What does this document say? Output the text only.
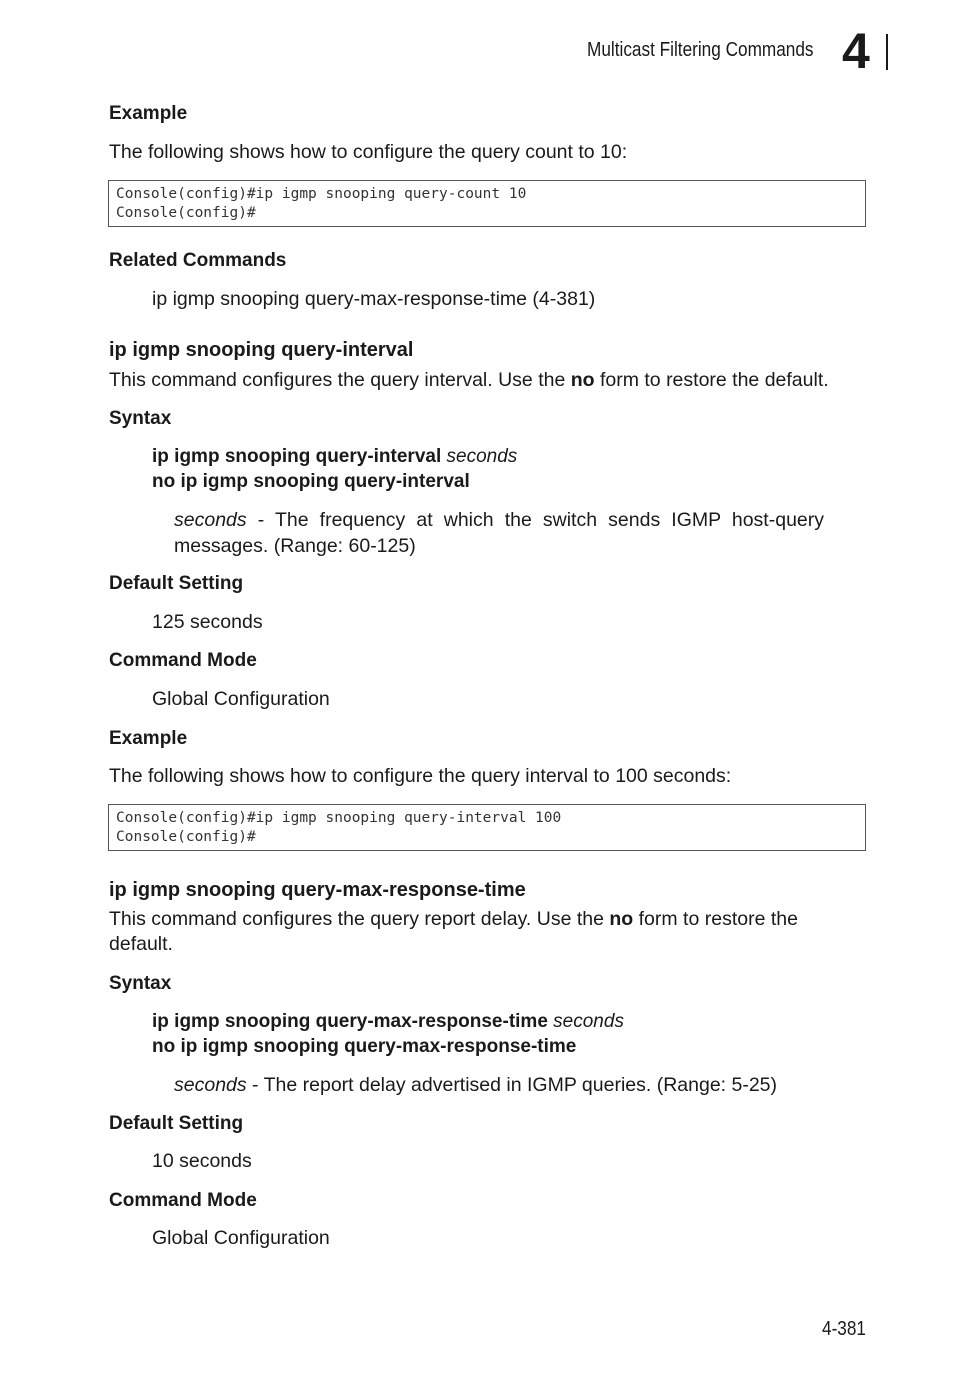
Multicast Filtering Commands 4
Example
The following shows how to configure the query count to 10:
Console(config)#ip igmp snooping query-count 10
Console(config)#
Related Commands
ip igmp snooping query-max-response-time (4-381)
ip igmp snooping query-interval
This command configures the query interval. Use the no form to restore the default.
Syntax
ip igmp snooping query-interval seconds
no ip igmp snooping query-interval
seconds - The frequency at which the switch sends IGMP host-query messages. (Range: 60-125)
Default Setting
125 seconds
Command Mode
Global Configuration
Example
The following shows how to configure the query interval to 100 seconds:
Console(config)#ip igmp snooping query-interval 100
Console(config)#
ip igmp snooping query-max-response-time
This command configures the query report delay. Use the no form to restore the
default.
Syntax
ip igmp snooping query-max-response-time seconds
no ip igmp snooping query-max-response-time
seconds - The report delay advertised in IGMP queries. (Range: 5-25)
Default Setting
10 seconds
Command Mode
Global Configuration
4-381
